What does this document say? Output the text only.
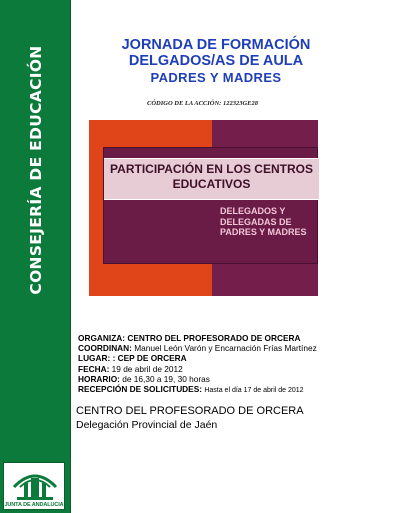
CONSEJERÍA DE EDUCACIÓN
JUNTA DE ANDALUCIA
JORNADA DE FORMACIÓN
DELGADOS/AS DE AULA
PADRES Y MADRES
CÓDIGO DE LA ACCIÓN: 122323GE28
PARTICIPACIÓN EN LOS CENTROS EDUCATIVOS
DELEGADOS Y DELEGADAS DE PADRES Y MADRES
ORGANIZA: CENTRO DEL PROFESORADO DE ORCERA
COORDINAN: Manuel León Varón y Encarnación Frías Martínez
LUGAR: : CEP DE ORCERA
FECHA: 19 de abril de 2012
HORARIO: de 16,30 a 19, 30 horas
RECEPCIÓN DE SOLICITUDES: Hasta el día 17 de abril de 2012
CENTRO DEL PROFESORADO DE ORCERA
Delegación Provincial de Jaén
